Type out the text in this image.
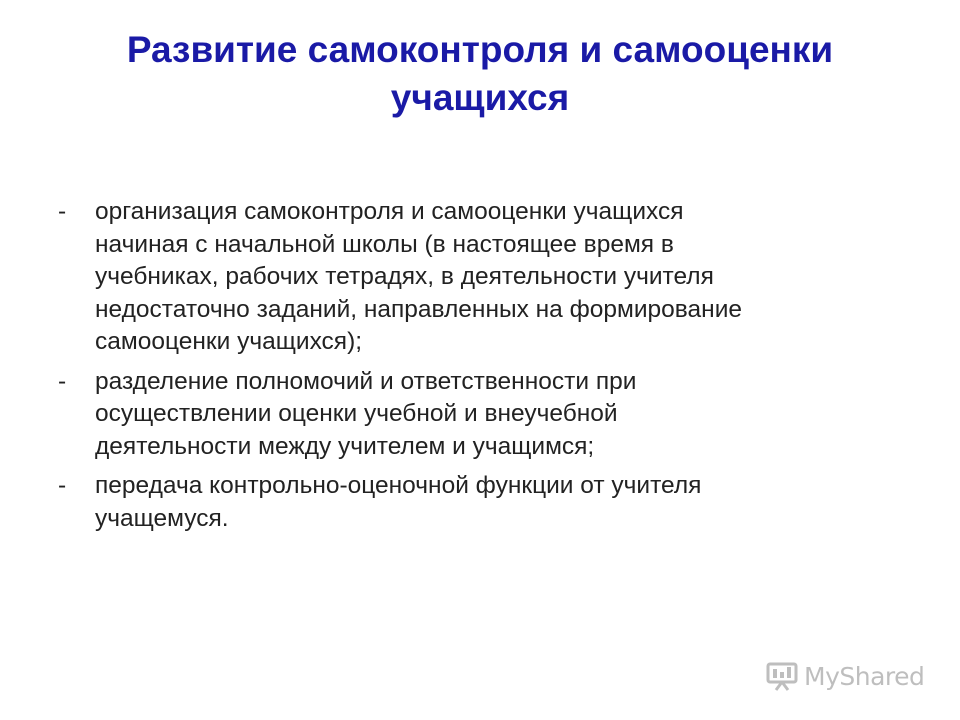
Развитие самоконтроля и самооценки
учащихся
- организация самоконтроля и самооценки учащихся
начиная с начальной школы (в настоящее время в
учебниках, рабочих тетрадях, в деятельности учителя
недостаточно заданий, направленных на формирование
самооценки учащихся);
- разделение полномочий и ответственности при
осуществлении оценки учебной и внеучебной
деятельности между учителем и учащимся;
- передача контрольно-оценочной функции от учителя
учащемуся.
MyShared
